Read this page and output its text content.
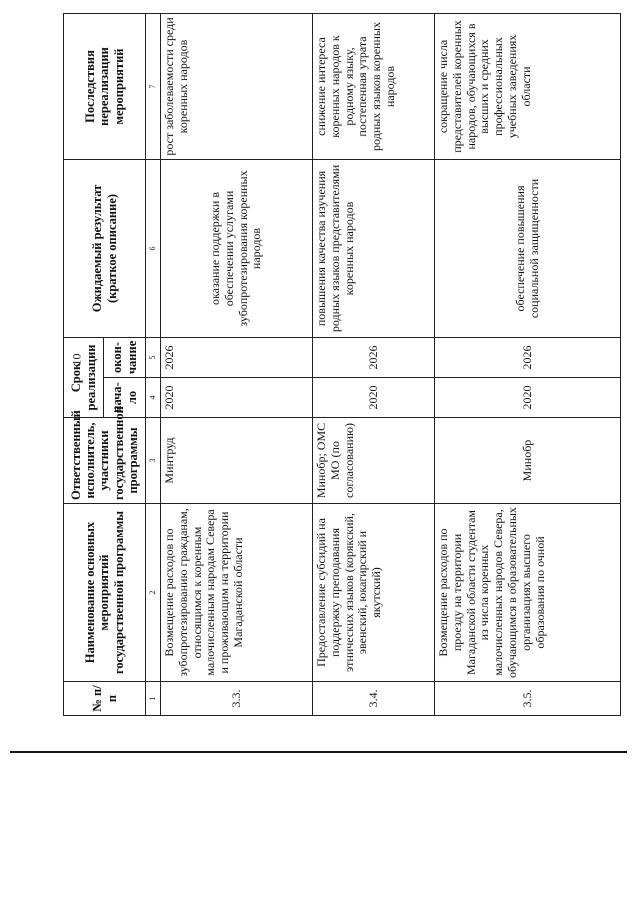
10
№ п/п	Наименование основных мероприятий государственной программы	Ответственный исполнитель, участники государственной программы	Срок реализации		Ожидаемый результат (краткое описание)	Последствия нереализации мероприятий
			нача-ло	окон-чание		
1	2	3	4	5	6	7
3.3.	Возмещение расходов по зубопротезированию гражданам, относящимся к коренным малочисленным народам Севера и проживающим на территории Магаданской области	Минтруд	2020	2026	оказание поддержки в обеспечении услугами зубопротезирования коренных народов	рост заболеваемости среди коренных народов
3.4.	Предоставление субсидий на поддержку преподавания этнических языков (корякский, эвенский, юкагирский и якутский)	Минобр; ОМС МО (по согласованию)	2020	2026	повышения качества изучения родных языков представителями коренных народов	снижение интереса коренных народов к родному языку, постепенная утрата родных языков коренных народов
3.5.	Возмещение расходов по проезду на территории Магаданской области студентам из числа коренных малочисленных народов Севера, обучающимся в образовательных организациях высшего образования по очной	Минобр	2020	2026	обеспечение повышения социальной защищенности	сокращение числа представителей коренных народов, обучающихся в высших и средних профессиональных учебных заведениях области
